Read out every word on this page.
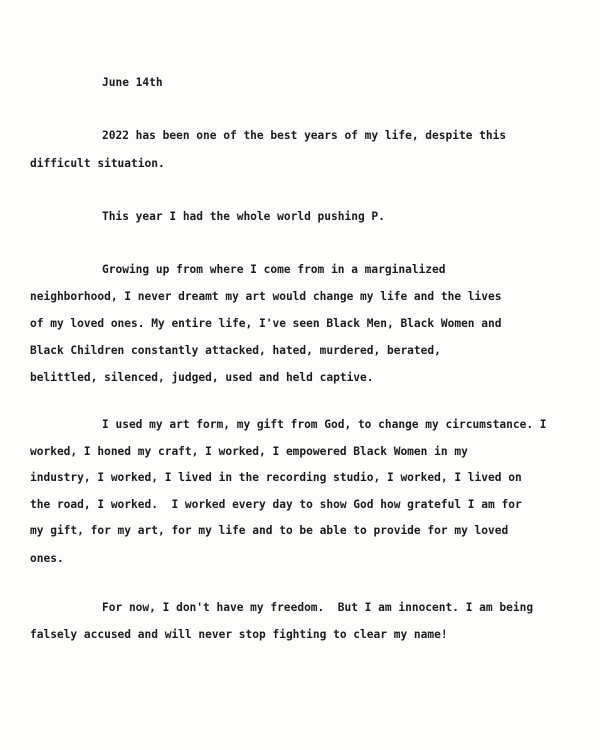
June 14th
2022 has been one of the best years of my life, despite this
difficult situation.
This year I had the whole world pushing P.
Growing up from where I come from in a marginalized
neighborhood, I never dreamt my art would change my life and the lives
of my loved ones. My entire life, I've seen Black Men, Black Women and
Black Children constantly attacked, hated, murdered, berated,
belittled, silenced, judged, used and held captive.
I used my art form, my gift from God, to change my circumstance. I
worked, I honed my craft, I worked, I empowered Black Women in my
industry, I worked, I lived in the recording studio, I worked, I lived on
the road, I worked.  I worked every day to show God how grateful I am for
my gift, for my art, for my life and to be able to provide for my loved
ones.
For now, I don't have my freedom.  But I am innocent. I am being
falsely accused and will never stop fighting to clear my name!
